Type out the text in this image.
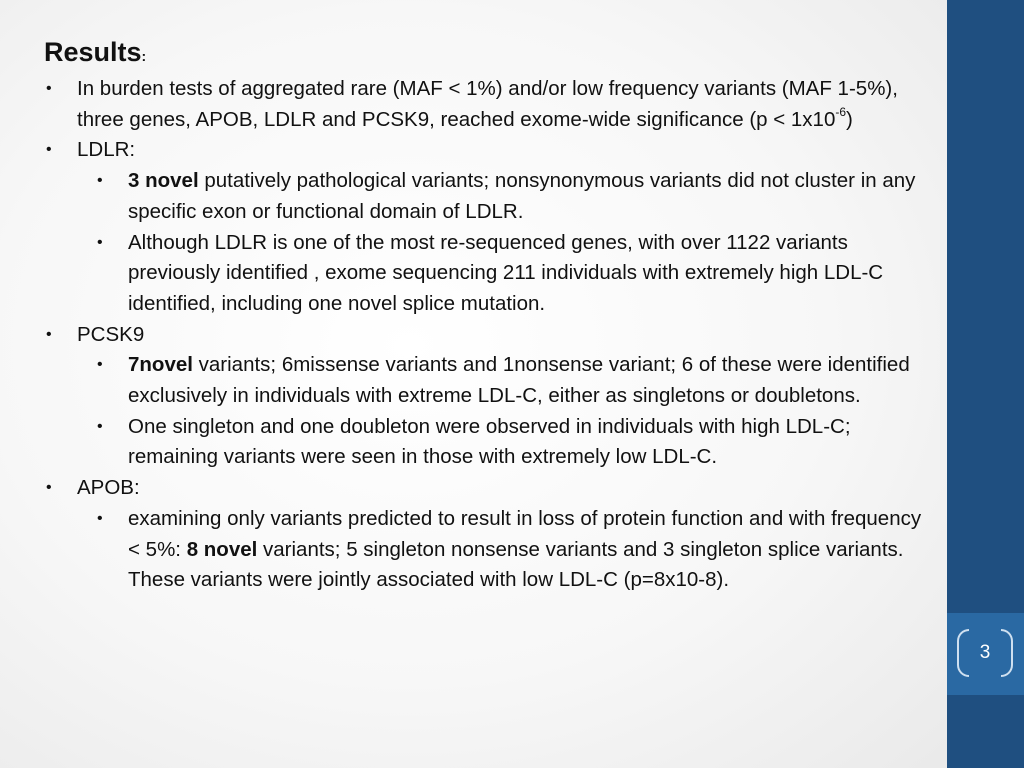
3
Results:
• In burden tests of aggregated rare (MAF < 1%) and/or low frequency variants (MAF 1-5%), three genes, APOB, LDLR and PCSK9, reached exome-wide significance $(p < 1x10^{-6})$
• LDLR:
• 3 novel putatively pathological variants; nonsynonymous variants did not cluster in any specific exon or functional domain of LDLR.
• Although LDLR is one of the most re-sequenced genes, with over 1122 variants previously identified , exome sequencing 211 individuals with extremely high LDL-C identified, including one novel splice mutation.
• PCSK9
• 7novel variants; 6missense variants and 1nonsense variant; 6 of these were identified exclusively in individuals with extreme LDL-C, either as singletons or doubletons.
• One singleton and one doubleton were observed in individuals with high LDL-C; remaining variants were seen in those with extremely low LDL-C.
• APOB:
• examining only variants predicted to result in loss of protein function and with frequency < 5%: 8 novel variants; 5 singleton nonsense variants and 3 singleton splice variants. These variants were jointly associated with low LDL-C (p=8x10-8).
